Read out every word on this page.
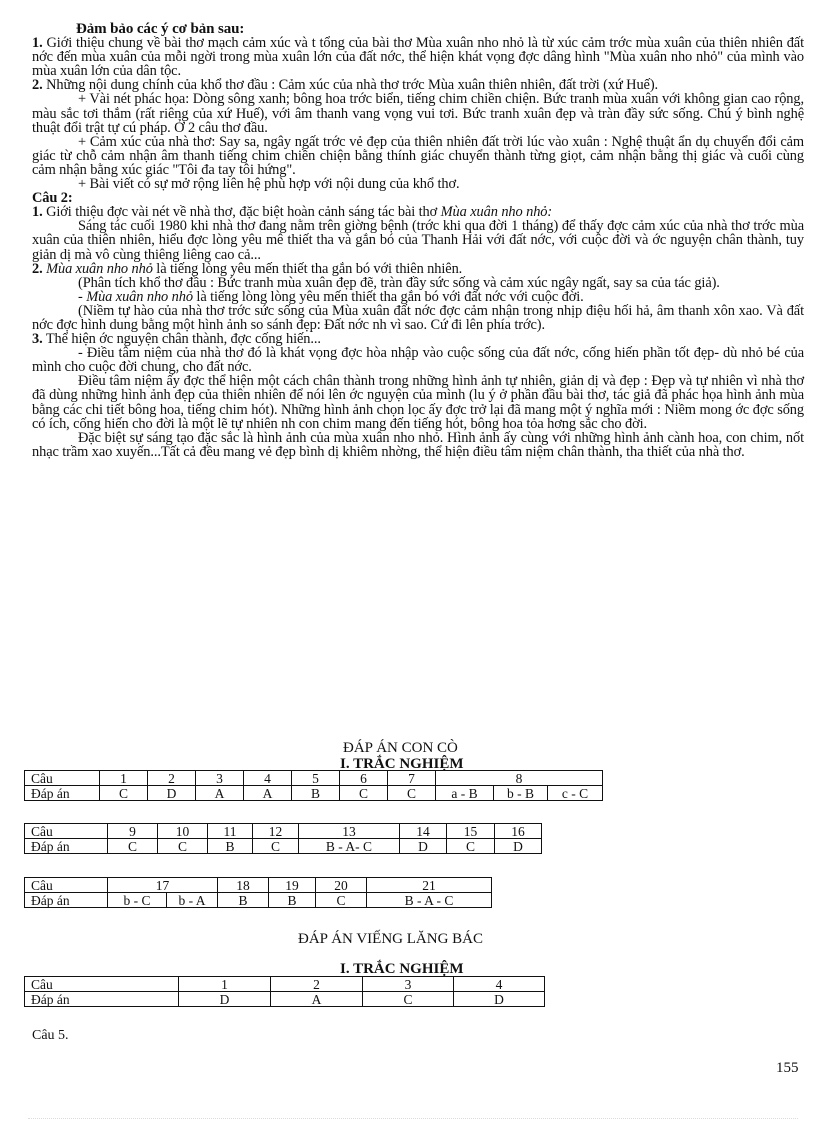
Đảm bảo các ý cơ bản sau:

1. Giới thiệu chung về bài thơ mạch cảm xúc và t tổng của bài thơ Mùa xuân nho nhỏ là từ xúc cảm trớc mùa xuân của thiên nhiên đất nớc đến mùa xuân của mỗi ngời trong mùa xuân lớn của đất nớc, thể hiện khát vọng đợc dâng hình "Mùa xuân nho nhỏ" của mình vào mùa xuân lớn của dân tộc.

2. Những nội dung chính của khổ thơ đầu : Cảm xúc của nhà thơ trớc Mùa xuân thiên nhiên, đất trời (xứ Huế).

+ Vài nét phác họa: Dòng sông xanh; bông hoa trớc biển, tiếng chim chiền chiện. Bức tranh mùa xuân với không gian cao rộng, màu sắc tơi thắm (rất riêng của xứ Huế), với âm thanh vang vọng vui tơi. Bức tranh xuân đẹp và tràn đầy sức sống. Chú ý bình nghệ thuật đổi trật tự cú pháp. Ở 2 câu thơ đầu.

+ Cảm xúc của nhà thơ: Say sa, ngây ngất trớc vẻ đẹp của thiên nhiên đất trời lúc vào xuân : Nghệ thuật ẩn dụ chuyển đổi cảm giác từ chỗ cảm nhận âm thanh tiếng chim chiền chiện bằng thính giác chuyển thành từng giọt, cảm nhận bằng thị giác và cuối cùng cảm nhận bằng xúc giác "Tôi đa tay tôi hứng".

+ Bài viết có sự mở rộng liên hệ phù hợp với nội dung của khổ thơ.

Câu 2:

1. Giới thiệu đợc vài nét về nhà thơ, đặc biệt hoàn cảnh sáng tác bài thơ Mùa xuân nho nhỏ:

Sáng tác cuối 1980 khi nhà thơ đang nằm trên giờng bệnh (trớc khi qua đời 1 tháng) để thấy đợc cảm xúc của nhà thơ trớc mùa xuân của thiên nhiên, hiểu đợc lòng yêu mê thiết tha và gắn bó của Thanh Hải với đất nớc, với cuộc đời và ớc nguyện chân thành, tuy giản dị mà vô cùng thiêng liêng cao cả...

2. Mùa xuân nho nhỏ là tiếng lòng yêu mến thiết tha gắn bó với thiên nhiên.

(Phân tích khổ thơ đầu : Bức tranh mùa xuân đẹp đẽ, tràn đầy sức sống và cảm xúc ngây ngất, say sa của tác giả).

- Mùa xuân nho nhỏ là tiếng lòng lòng yêu mến thiết tha gắn bó với đất nớc với cuộc đời.

(Niềm tự hào của nhà thơ trớc sức sống của Mùa xuân đất nớc đợc cảm nhận trong nhịp điệu hối hả, âm thanh xôn xao. Và đất nớc đợc hình dung bằng một hình ảnh so sánh đẹp: Đất nớc nh vì sao. Cứ đi lên phía trớc).

3. Thể hiện ớc nguyện chân thành, đợc cống hiến...

- Điều tâm niệm của nhà thơ đó là khát vọng đợc hòa nhập vào cuộc sống của đất nớc, cống hiến phần tốt đẹp- dù nhỏ bé của mình cho cuộc đời chung, cho đất nớc.

Điều tâm niệm ấy đợc thể hiện một cách chân thành trong những hình ảnh tự nhiên, giản dị và đẹp : Đẹp và tự nhiên vì nhà thơ đã dùng những hình ảnh đẹp của thiên nhiên để nói lên ớc nguyện của mình (lu ý ở phần đầu bài thơ, tác giả đã phác họa hình ảnh mùa bằng các chi tiết bông hoa, tiếng chim hót). Những hình ảnh chọn lọc ấy đợc trở lại đã mang một ý nghĩa mới : Niềm mong ớc đợc sống có ích, cống hiến cho đời là một lẽ tự nhiên nh con chim mang đến tiếng hót, bông hoa tỏa hơng sắc cho đời.

Đặc biệt sự sáng tạo đặc sắc là hình ảnh của mùa xuân nho nhỏ. Hình ảnh ấy cùng với những hình ảnh cành hoa, con chim, nốt nhạc trầm xao xuyến...Tất cả đều mang vẻ đẹp bình dị khiêm nhờng, thể hiện điều tâm niệm chân thành, tha thiết của nhà thơ.

ĐÁP ÁN CON CÒ
I. TRẮC NGHIỆM
Câu	1	2	3	4	5	6	7	8		
Đáp án	C	D	A	A	B	C	C	a - B	b - B	c - C
Câu	9	10	11	12	13	14	15	16
Đáp án	C	C	B	C	B - A- C	D	C	D
Câu	17		18	19	20	21
Đáp án	b - C	b - A	B	B	C	B - A - C
ĐÁP ÁN VIẾNG LĂNG BÁC
I. TRẮC NGHIỆM
Câu	1	2	3	4
Đáp án	D	A	C	D
Câu 5.
155
